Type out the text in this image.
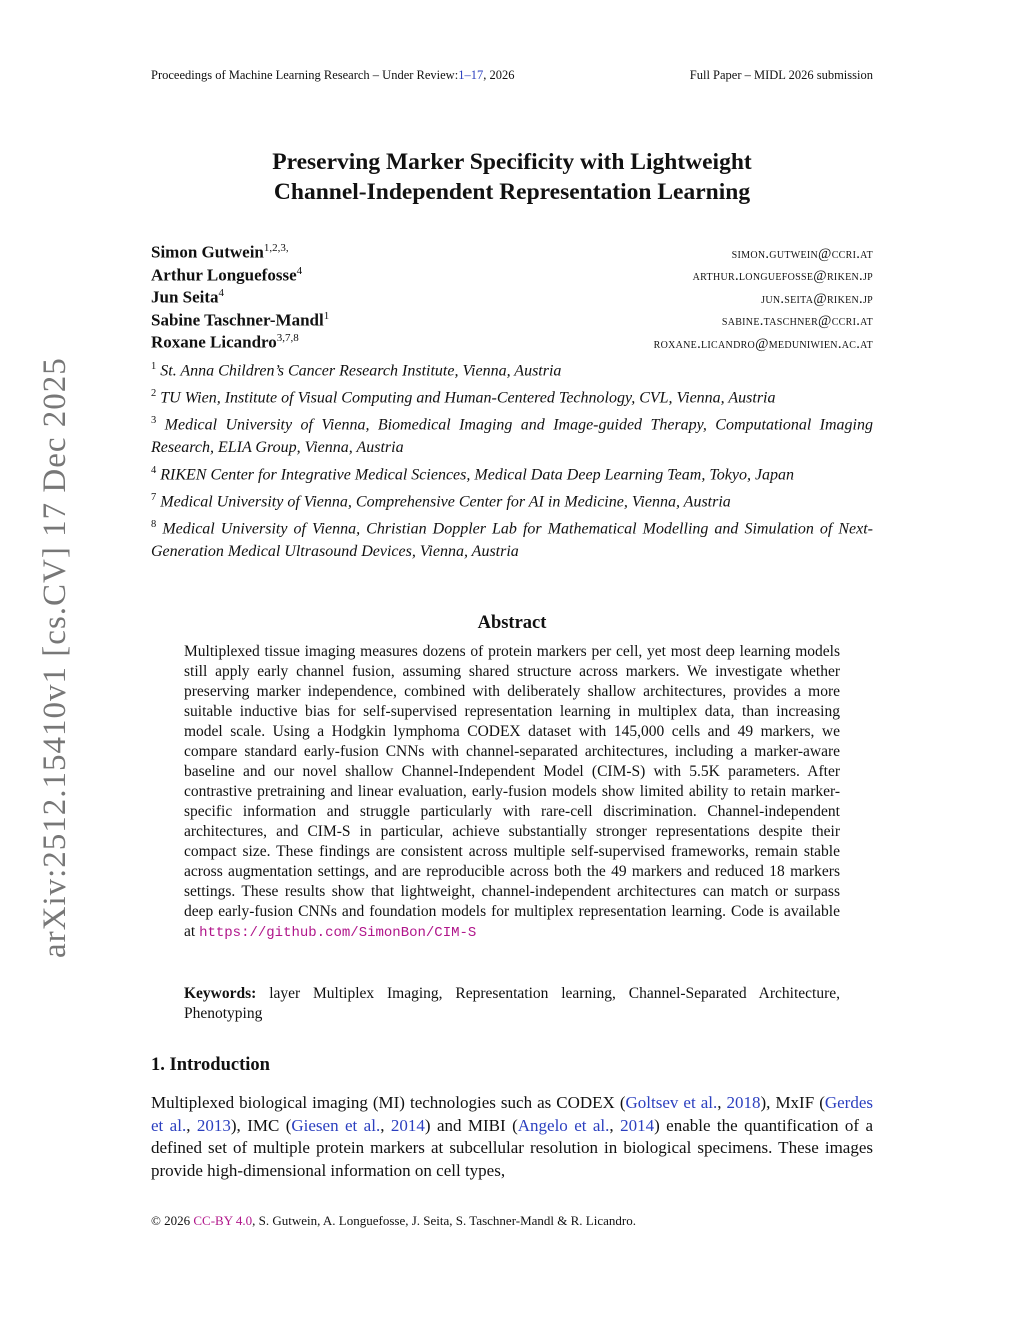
Proceedings of Machine Learning Research – Under Review:1–17, 2026	Full Paper – MIDL 2026 submission
arXiv:2512.15410v1 [cs.CV] 17 Dec 2025
Preserving Marker Specificity with Lightweight
Channel-Independent Representation Learning
Simon Gutwein$^{1,2,3,}$	simon.gutwein@ccri.at
Arthur Longuefosse$^4$	arthur.longuefosse@riken.jp
Jun Seita$^4$	jun.seita@riken.jp
Sabine Taschner-Mandl$^1$	sabine.taschner@ccri.at
Roxane Licandro$^{3,7,8}$	roxane.licandro@meduniwien.ac.at
$^1$ St. Anna Children’s Cancer Research Institute, Vienna, Austria
$^2$ TU Wien, Institute of Visual Computing and Human-Centered Technology, CVL, Vienna, Austria
$^3$ Medical University of Vienna, Biomedical Imaging and Image-guided Therapy, Computational Imaging Research, ELIA Group, Vienna, Austria
$^4$ RIKEN Center for Integrative Medical Sciences, Medical Data Deep Learning Team, Tokyo, Japan
$^7$ Medical University of Vienna, Comprehensive Center for AI in Medicine, Vienna, Austria
$^8$ Medical University of Vienna, Christian Doppler Lab for Mathematical Modelling and Simulation of Next-Generation Medical Ultrasound Devices, Vienna, Austria
Abstract
Multiplexed tissue imaging measures dozens of protein markers per cell, yet most deep learning models still apply early channel fusion, assuming shared structure across markers. We investigate whether preserving marker independence, combined with deliberately shallow architectures, provides a more suitable inductive bias for self-supervised representation learning in multiplex data, than increasing model scale. Using a Hodgkin lymphoma CODEX dataset with 145,000 cells and 49 markers, we compare standard early-fusion CNNs with channel-separated architectures, including a marker-aware baseline and our novel shallow Channel-Independent Model (CIM-S) with 5.5K parameters. After contrastive pretraining and linear evaluation, early-fusion models show limited ability to retain marker-specific information and struggle particularly with rare-cell discrimination. Channel-independent architectures, and CIM-S in particular, achieve substantially stronger representations despite their compact size. These findings are consistent across multiple self-supervised frameworks, remain stable across augmentation settings, and are reproducible across both the 49 markers and reduced 18 markers settings. These results show that lightweight, channel-independent architectures can match or surpass deep early-fusion CNNs and foundation models for multiplex representation learning. Code is available at https://github.com/SimonBon/CIM-S
Keywords: layer Multiplex Imaging, Representation learning, Channel-Separated Architecture, Phenotyping
1. Introduction
Multiplexed biological imaging (MI) technologies such as CODEX (Goltsev et al., 2018), MxIF (Gerdes et al., 2013), IMC (Giesen et al., 2014) and MIBI (Angelo et al., 2014) enable the quantification of a defined set of multiple protein markers at subcellular resolution in biological specimens. These images provide high-dimensional information on cell types,
© 2026 CC-BY 4.0, S. Gutwein, A. Longuefosse, J. Seita, S. Taschner-Mandl & R. Licandro.
